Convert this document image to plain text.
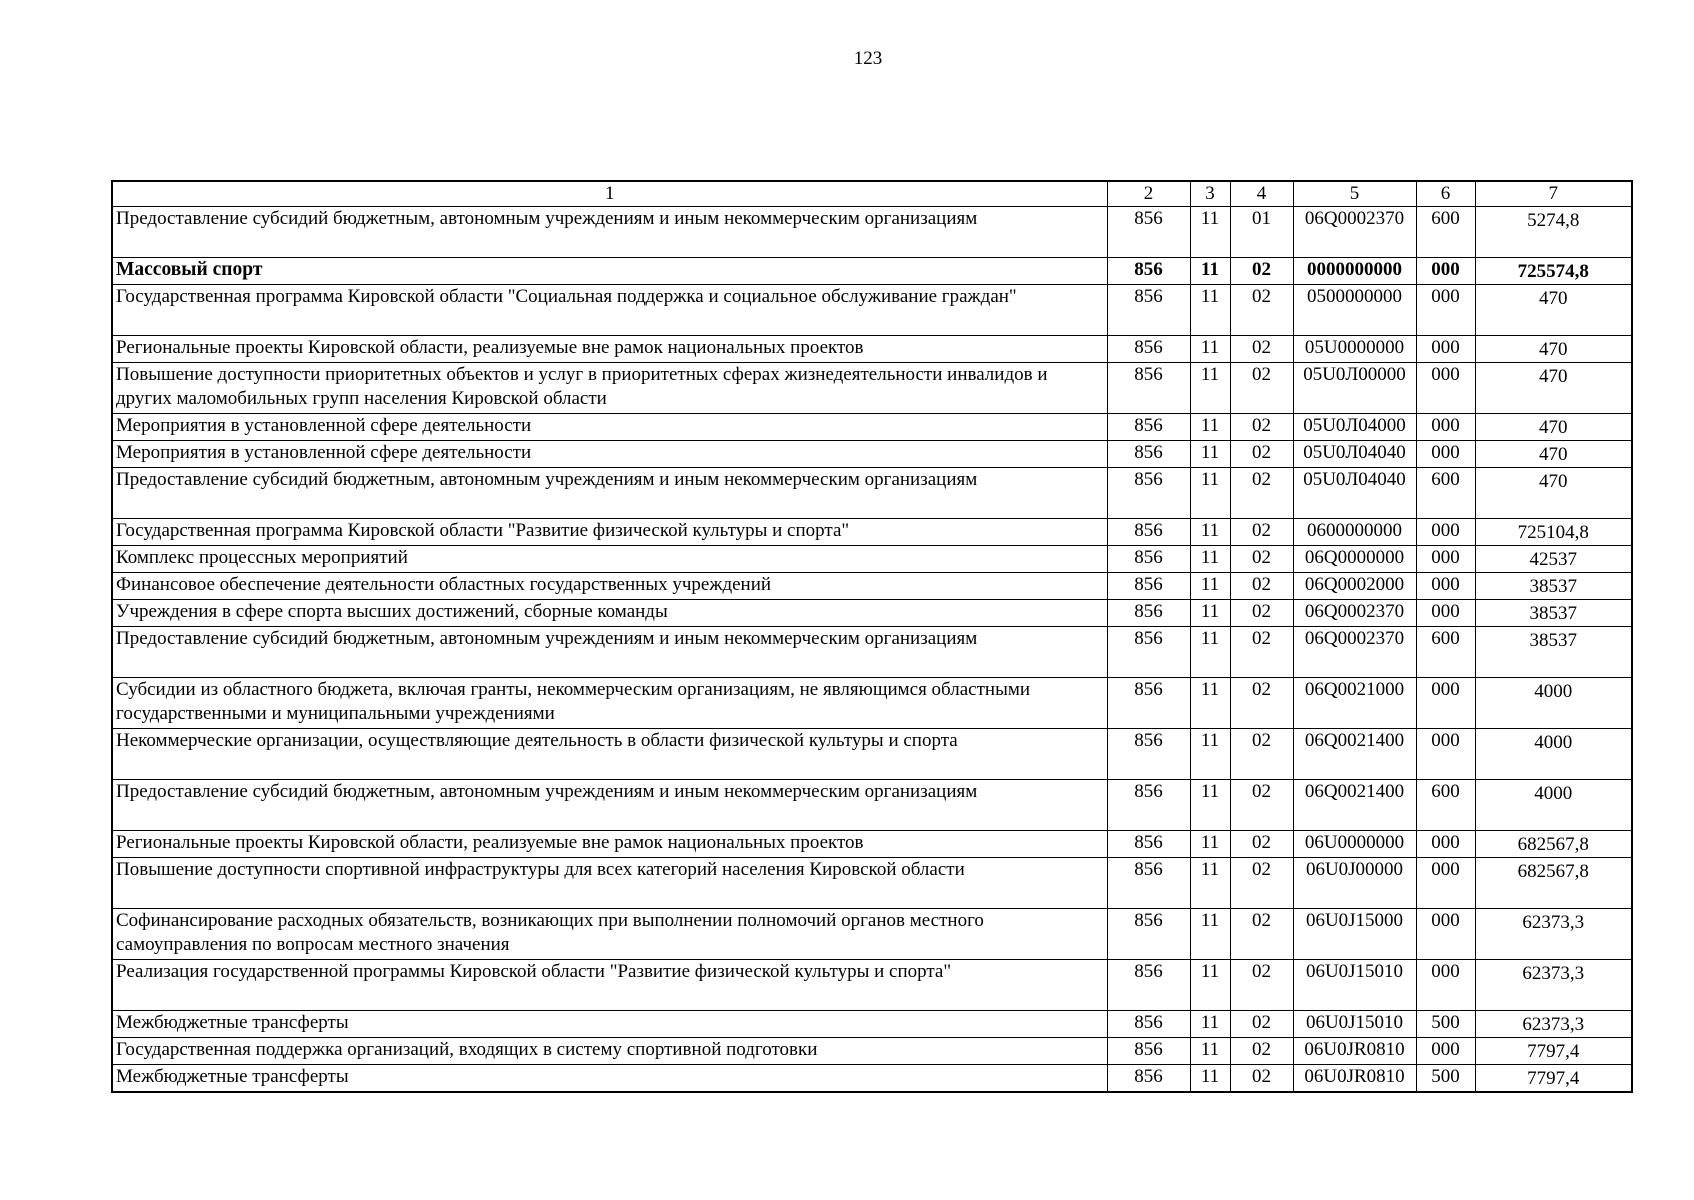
123
1	2	3	4	5	6	7
Предоставление субсидий бюджетным, автономным учреждениям и иным некоммерческим организациям	856	11	01	06Q0002370	600	5274,8
Массовый спорт	856	11	02	0000000000	000	725574,8
Государственная программа Кировской области "Социальная поддержка и социальное обслуживание граждан"	856	11	02	0500000000	000	470
Региональные проекты Кировской области, реализуемые вне рамок национальных проектов	856	11	02	05U0000000	000	470
Повышение доступности приоритетных объектов и услуг в приоритетных сферах жизнедеятельности инвалидов и других маломобильных групп населения Кировской области	856	11	02	05U0Л00000	000	470
Мероприятия в установленной сфере деятельности	856	11	02	05U0Л04000	000	470
Мероприятия в установленной сфере деятельности	856	11	02	05U0Л04040	000	470
Предоставление субсидий бюджетным, автономным учреждениям и иным некоммерческим организациям	856	11	02	05U0Л04040	600	470
Государственная программа Кировской области "Развитие физической культуры и спорта"	856	11	02	0600000000	000	725104,8
Комплекс процессных мероприятий	856	11	02	06Q0000000	000	42537
Финансовое обеспечение деятельности областных государственных учреждений	856	11	02	06Q0002000	000	38537
Учреждения в сфере спорта высших достижений, сборные команды	856	11	02	06Q0002370	000	38537
Предоставление субсидий бюджетным, автономным учреждениям и иным некоммерческим организациям	856	11	02	06Q0002370	600	38537
Субсидии из областного бюджета, включая гранты, некоммерческим организациям, не являющимся областными государственными и муниципальными учреждениями	856	11	02	06Q0021000	000	4000
Некоммерческие организации, осуществляющие деятельность в области физической культуры и спорта	856	11	02	06Q0021400	000	4000
Предоставление субсидий бюджетным, автономным учреждениям и иным некоммерческим организациям	856	11	02	06Q0021400	600	4000
Региональные проекты Кировской области, реализуемые вне рамок национальных проектов	856	11	02	06U0000000	000	682567,8
Повышение доступности спортивной инфраструктуры для всех категорий населения Кировской области	856	11	02	06U0J00000	000	682567,8
Софинансирование расходных обязательств, возникающих при выполнении полномочий органов местного самоуправления по вопросам местного значения	856	11	02	06U0J15000	000	62373,3
Реализация государственной программы Кировской области "Развитие физической культуры и спорта"	856	11	02	06U0J15010	000	62373,3
Межбюджетные трансферты	856	11	02	06U0J15010	500	62373,3
Государственная поддержка организаций, входящих в систему спортивной подготовки	856	11	02	06U0JR0810	000	7797,4
Межбюджетные трансферты	856	11	02	06U0JR0810	500	7797,4
